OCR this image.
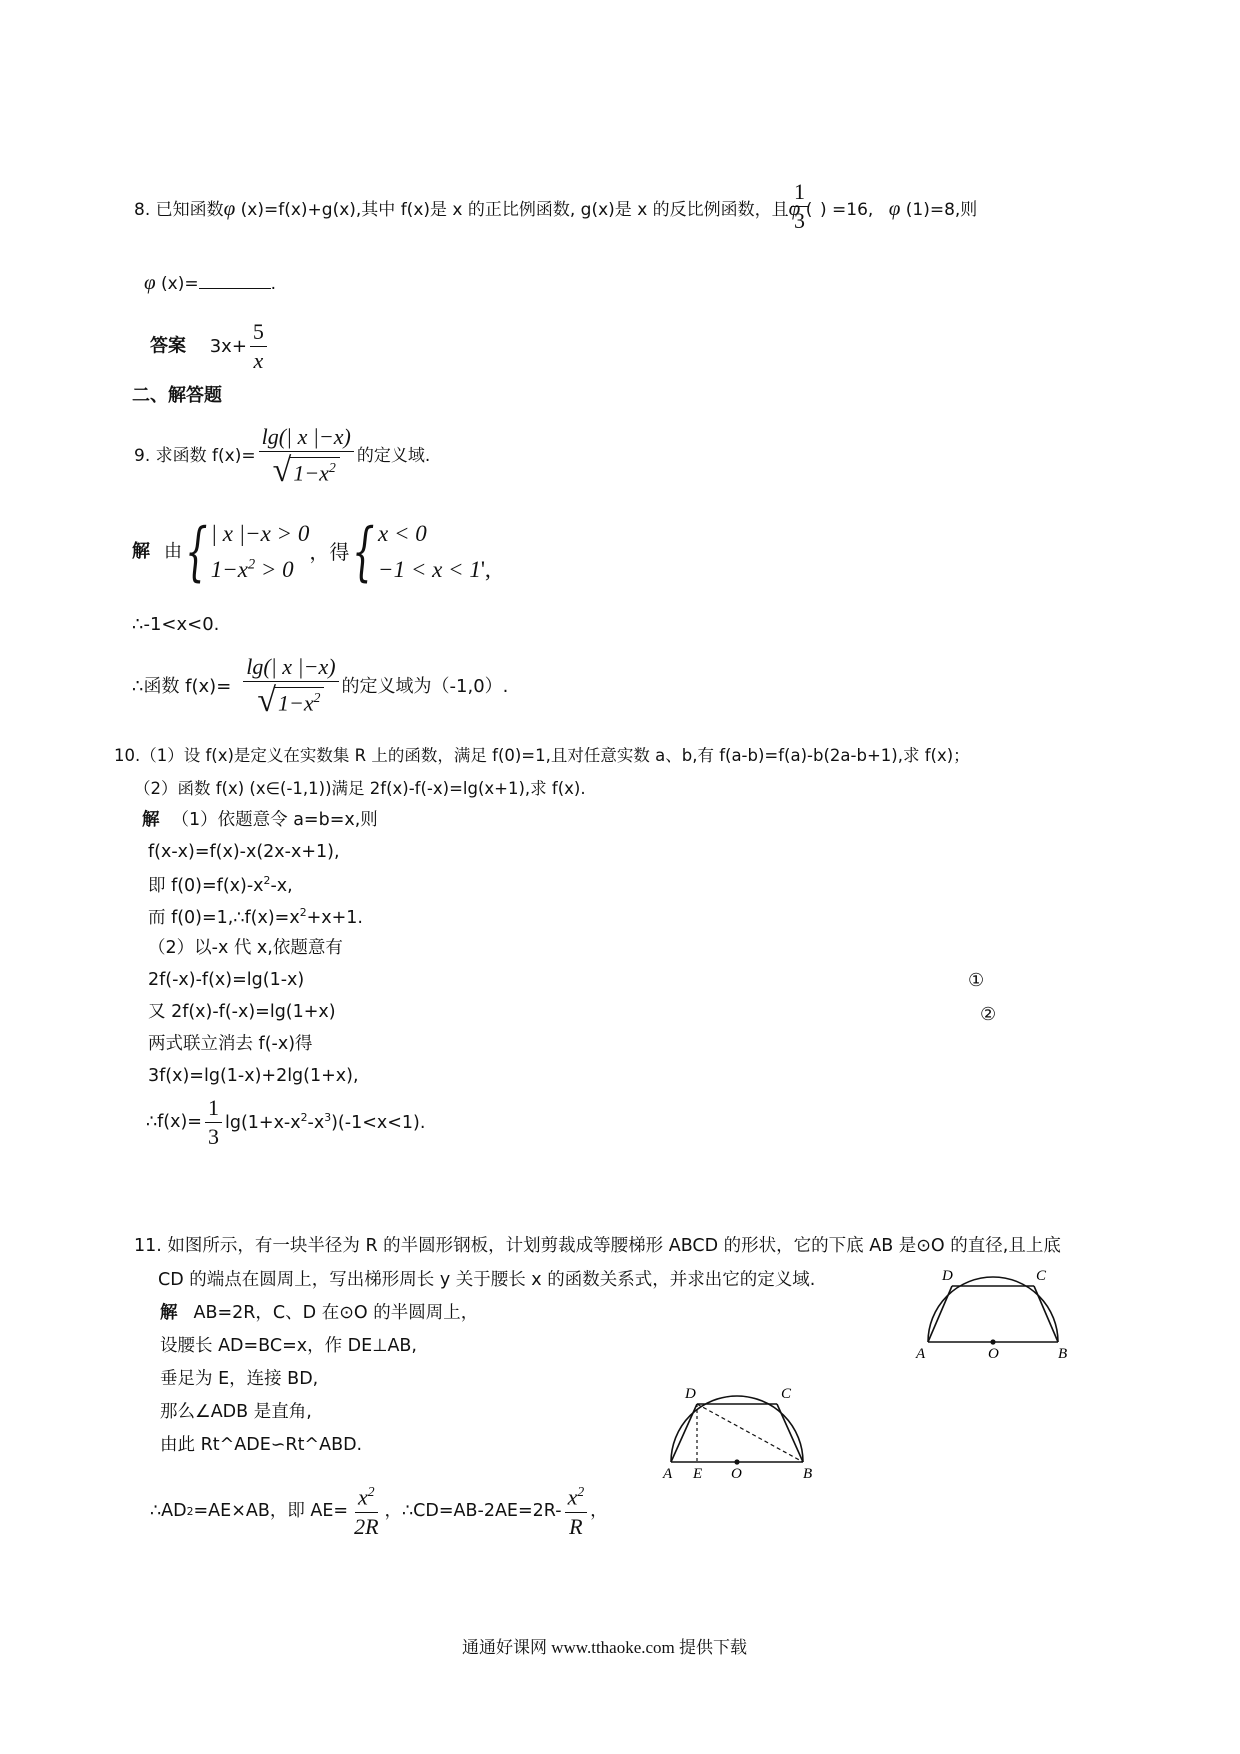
8. 已知函数φ (x)=f(x)+g(x),其中 f(x)是 x 的正比例函数, g(x)是 x 的反比例函数，且φ (
$\frac{1}{3}$ ) =16, φ (1)=8,则
φ (x)=	.
答案 $3x+ \frac{5}{x}$
二、解答题
9. 求函数 $f(x)= \frac{\lg(| x |-x)}{√ 1-x^2}$ 的定义域.
解 由 { | x |−x > 0
$1-x^2 > 0$
，得 { x < 0
−1 < x < 1',
∴-1<x<0.
∴函数 $f(x)= \frac{\lg(| x |-x)}{√ 1-x^2}$ 的定义域为（-1,0）.
10.（1）设 f(x)是定义在实数集 R 上的函数，满足 f(0)=1,且对任意实数 a、b,有 f(a-b)=f(a)-b(2a-b+1),求 f(x)；
（2）函数 f(x) (x∈(-1,1))满足 2f(x)-f(-x)=lg(x+1),求 f(x).
解 （1）依题意令 a=b=x,则
f(x-x)=f(x)-x(2x-x+1),
即 $f(0)=f(x)-x^2-x$,
而 $f(0)=1,\therefore f(x)=x^2+x+1$.
（2）以-x 代 x,依题意有
2f(-x)-f(x)=lg(1-x)	①
又 2f(x)-f(-x)=lg(1+x)	②
两式联立消去 f(-x)得
3f(x)=lg(1-x)+2lg(1+x),
∴f(x)= $\frac{1}{3} \lg(1+x-x^2-x^3)(-1<x<1)$.
11. 如图所示，有一块半径为 R 的半圆形钢板，计划剪裁成等腰梯形 ABCD 的形状，它的下底 AB 是⊙O 的直径,且上底
CD 的端点在圆周上，写出梯形周长 y 关于腰长 x 的函数关系式，并求出它的定义域.
解 AB=2R，C、D 在⊙O 的半圆周上，
设腰长 AD=BC=x，作 DE⊥AB,
垂足为 E，连接 BD,
那么∠ADB 是直角,
由此 Rt^ADE∽Rt^ABD.
∴AD 2 =AE×AB，即 $AE= \frac{x^2}{2R}$ ，∴CD=AB-2AE=2R- $\frac{x^2}{R}$ ，
D	C
A	O	B
D	C
A E O	B
通通好课网 www.tthaoke.com 提供下载
